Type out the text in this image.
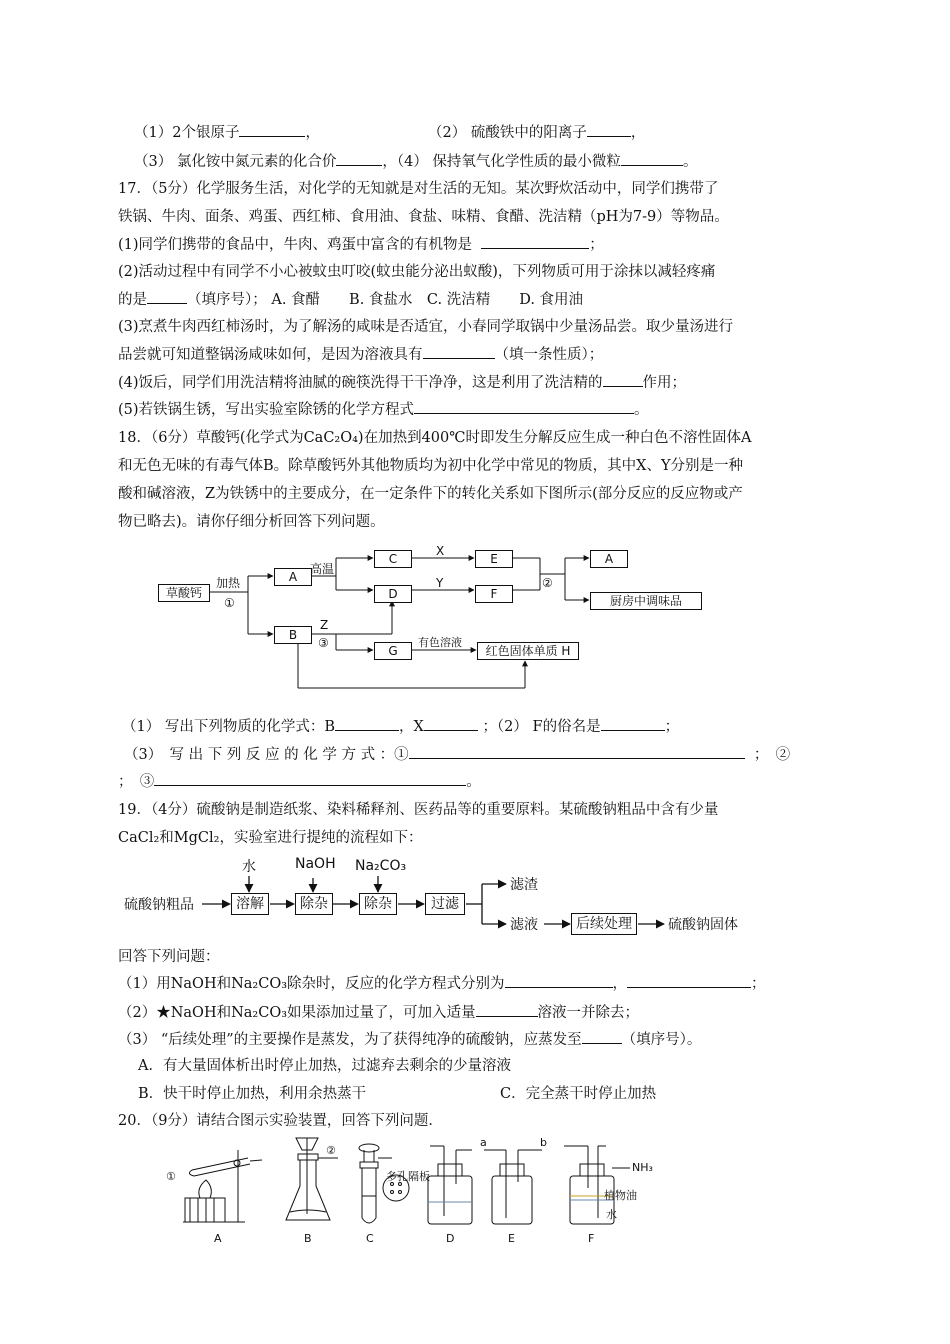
（1）2个银原子	，	（2） 硫酸铁中的阳离子	，
（3） 氯化铵中氮元素的化合价	，（4） 保持氧气化学性质的最小微粒	。
17．（5分）化学服务生活，对化学的无知就是对生活的无知。某次野炊活动中，同学们携带了
铁锅、牛肉、面条、鸡蛋、西红柿、食用油、食盐、味精、食醋、洗洁精（pH为7-9）等物品。
(1)同学们携带的食品中，牛肉、鸡蛋中富含的有机物是	；
(2)活动过程中有同学不小心被蚊虫叮咬(蚊虫能分泌出蚁酸)，下列物质可用于涂抹以减轻疼痛
的是	（填序号）； A. 食醋　　B. 食盐水　C. 洗洁精　　D. 食用油
(3)烹煮牛肉西红柿汤时，为了解汤的咸味是否适宜，小春同学取锅中少量汤品尝。取少量汤进行
品尝就可知道整锅汤咸味如何，是因为溶液具有	（填一条性质）；
(4)饭后，同学们用洗洁精将油腻的碗筷洗得干干净净，这是利用了洗洁精的	作用；
(5)若铁锅生锈，写出实验室除锈的化学方程式	。
18．（6分）草酸钙(化学式为CaC₂O₄)在加热到400℃时即发生分解反应生成一种白色不溶性固体A
和无色无味的有毒气体B。除草酸钙外其他物质均为初中化学中常见的物质，其中X、Y分别是一种
酸和碱溶液，Z为铁锈中的主要成分，在一定条件下的转化关系如下图所示(部分反应的反应物或产
物已略去)。请你仔细分析回答下列问题。
草酸钙
加热
①
A
高温
C
X
E
D
Y
F
②
A
厨房中调味品
B
Z
③
G
有色溶液
红色固体单质 H
（1） 写出下列物质的化学式：B	，X	；（2） F的俗名是	；
（3）　写 出 下 列 反 应 的 化 学 方 式 ：①	；　②
；　③	。
19．（4分）硫酸钠是制造纸浆、染料稀释剂、医药品等的重要原料。某硫酸钠粗品中含有少量
CaCl₂和MgCl₂，实验室进行提纯的流程如下：
水	NaOH Na₂CO₃
硫酸钠粗品	溶解	除杂	除杂	过滤
滤渣
滤液	后续处理	硫酸钠固体
回答下列问题：
（1）用NaOH和Na₂CO₃除杂时，反应的化学方程式分别为	，	；
（2）★NaOH和Na₂CO₃如果添加过量了，可加入适量	溶液一并除去；
（3） “后续处理”的主要操作是蒸发，为了获得纯净的硫酸钠，应蒸发至	（填序号）。
A．有大量固体析出时停止加热，过滤弃去剩余的少量溶液
B．快干时停止加热，利用余热蒸干	C．完全蒸干时停止加热
20．（9分）请结合图示实验装置，回答下列问题．
①
②
多孔隔板
a	b
NH₃
植物油
水
A	B	C	D	E	F
